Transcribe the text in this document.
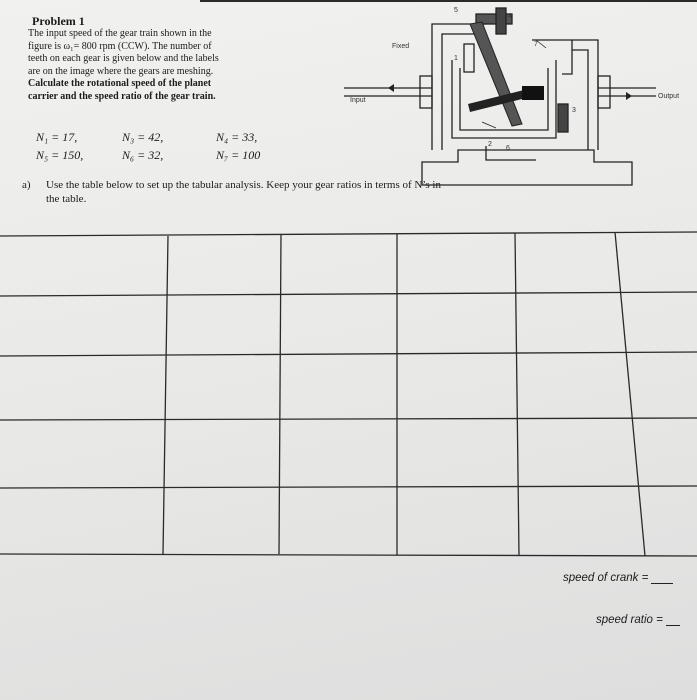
Problem 1
The input speed of the gear train shown in the
figure is ω₁= 800 rpm (CCW). The number of
teeth on each gear is given below and the labels
are on the image where the gears are meshing.
Calculate the rotational speed of the planet
carrier and the speed ratio of the gear train.
N₁ = 17,	N₃ = 42,	N₄ = 33,
N₅ = 150,	N₆ = 32,	N₇ = 100
a) Use the table below to set up the tabular analysis. Keep your gear ratios in terms of N’s in the table.
Fixed
Input
Output
1
2
3
4
5
6
7
speed of crank =
speed ratio =
